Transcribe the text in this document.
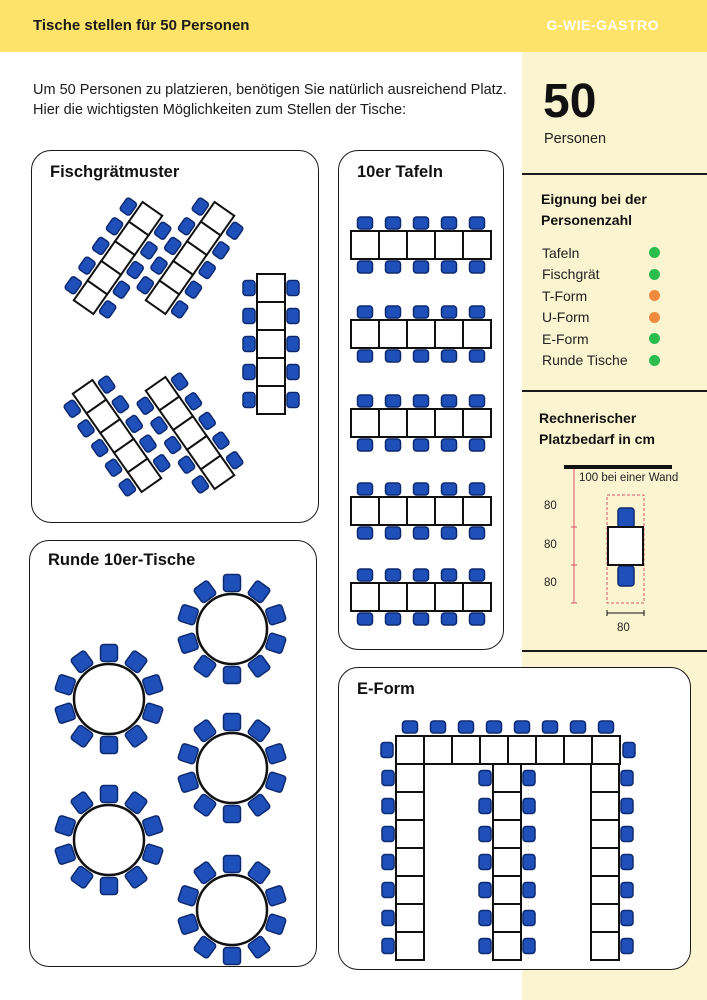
Tische stellen für 50 Personen	G-WIE-GASTRO
Um 50 Personen zu platzieren, benötigen Sie natürlich ausreichend Platz. Hier die wichtigsten Möglichkeiten zum Stellen der Tische:	50
Personen
Eignung bei der Personenzahl
Tafeln
Fischgrät
T-Form
U-Form
E-Form
Runde Tische
Rechnerischer Platzbedarf in cm
100 bei einer Wand
80
80
80
80
Fischgrätmuster	10er Tafeln
Runde 10er-Tische
E-Form
